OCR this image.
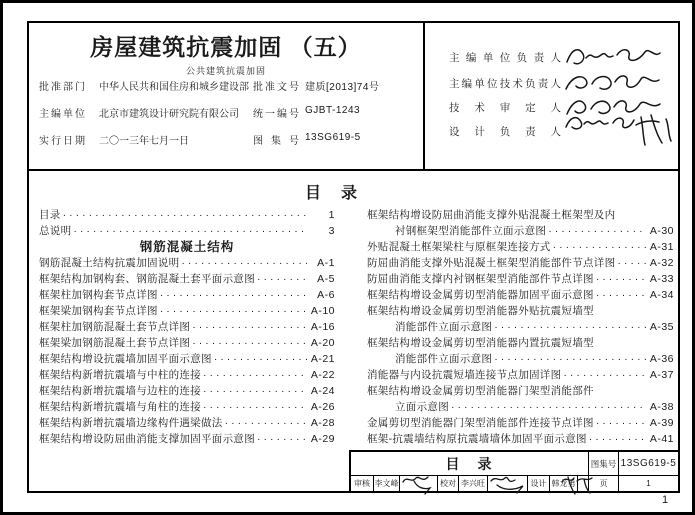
房屋建筑抗震加固 （五）
公共建筑抗震加固
批准部门 中华人民共和国住房和城乡建设部 批准文号 建质[2013]74号
主编单位 北京市建筑设计研究院有限公司 统一编号 GJBT-1243
实行日期 二〇一三年七月一日	图集号 13SG619-5
主编单位负责人
主编单位技术负责人
技术审定人
设计负责人
目　录
目录 ·····	1
总说明 ·····	3
钢筋混凝土结构
钢筋混凝土结构抗震加固说明 ·····	A-1
框架结构加钢构套、钢筋混凝土套平面示意图 ·····	A-5
框架柱加钢构套节点详图 ·····	A-6
框架梁加钢构套节点详图 ·····	A-10
框架柱加钢筋混凝土套节点详图 ·····	A-16
框架梁加钢筋混凝土套节点详图 ·····	A-20
框架结构增设抗震墙加固平面示意图 ·····	A-21
框架结构新增抗震墙与中柱的连接 ·····	A-22
框架结构新增抗震墙与边柱的连接 ·····	A-24
框架结构新增抗震墙与角柱的连接 ·····	A-26
框架结构新增抗震墙边缘构件遇梁做法 ·····	A-28
框架结构增设防屈曲消能支撑加固平面示意图 ·····	A-29
框架结构增设防屈曲消能支撑外贴混凝土框架型及内
衬钢框架型消能部件立面示意图 ·····	A-30
外贴混凝土框架梁柱与原框架连接方式 ·····	A-31
防屈曲消能支撑外贴混凝土框架型消能部件节点详图 ·····	A-32
防屈曲消能支撑内衬钢框架型消能部件节点详图 ·····	A-33
框架结构增设金属剪切型消能器加固平面示意图 ·····	A-34
框架结构增设金属剪切型消能器外贴抗震短墙型
消能部件立面示意图 ·····	A-35
框架结构增设金属剪切型消能器内置抗震短墙型
消能部件立面示意图 ·····	A-36
消能器与内设抗震短墙连接节点加固详图 ·····	A-37
框架结构增设金属剪切型消能器门架型消能部件
立面示意图 ·····	A-38
金属剪切型消能器门架型消能部件连接节点详图 ·····	A-39
框架-抗震墙结构原抗震墙墙体加固平面示意图 ·····	A-41
目　录	图集号 13SG619-5
审核 李文峰	校对 李兴旺	设计 韩龙勇	页	1
1
